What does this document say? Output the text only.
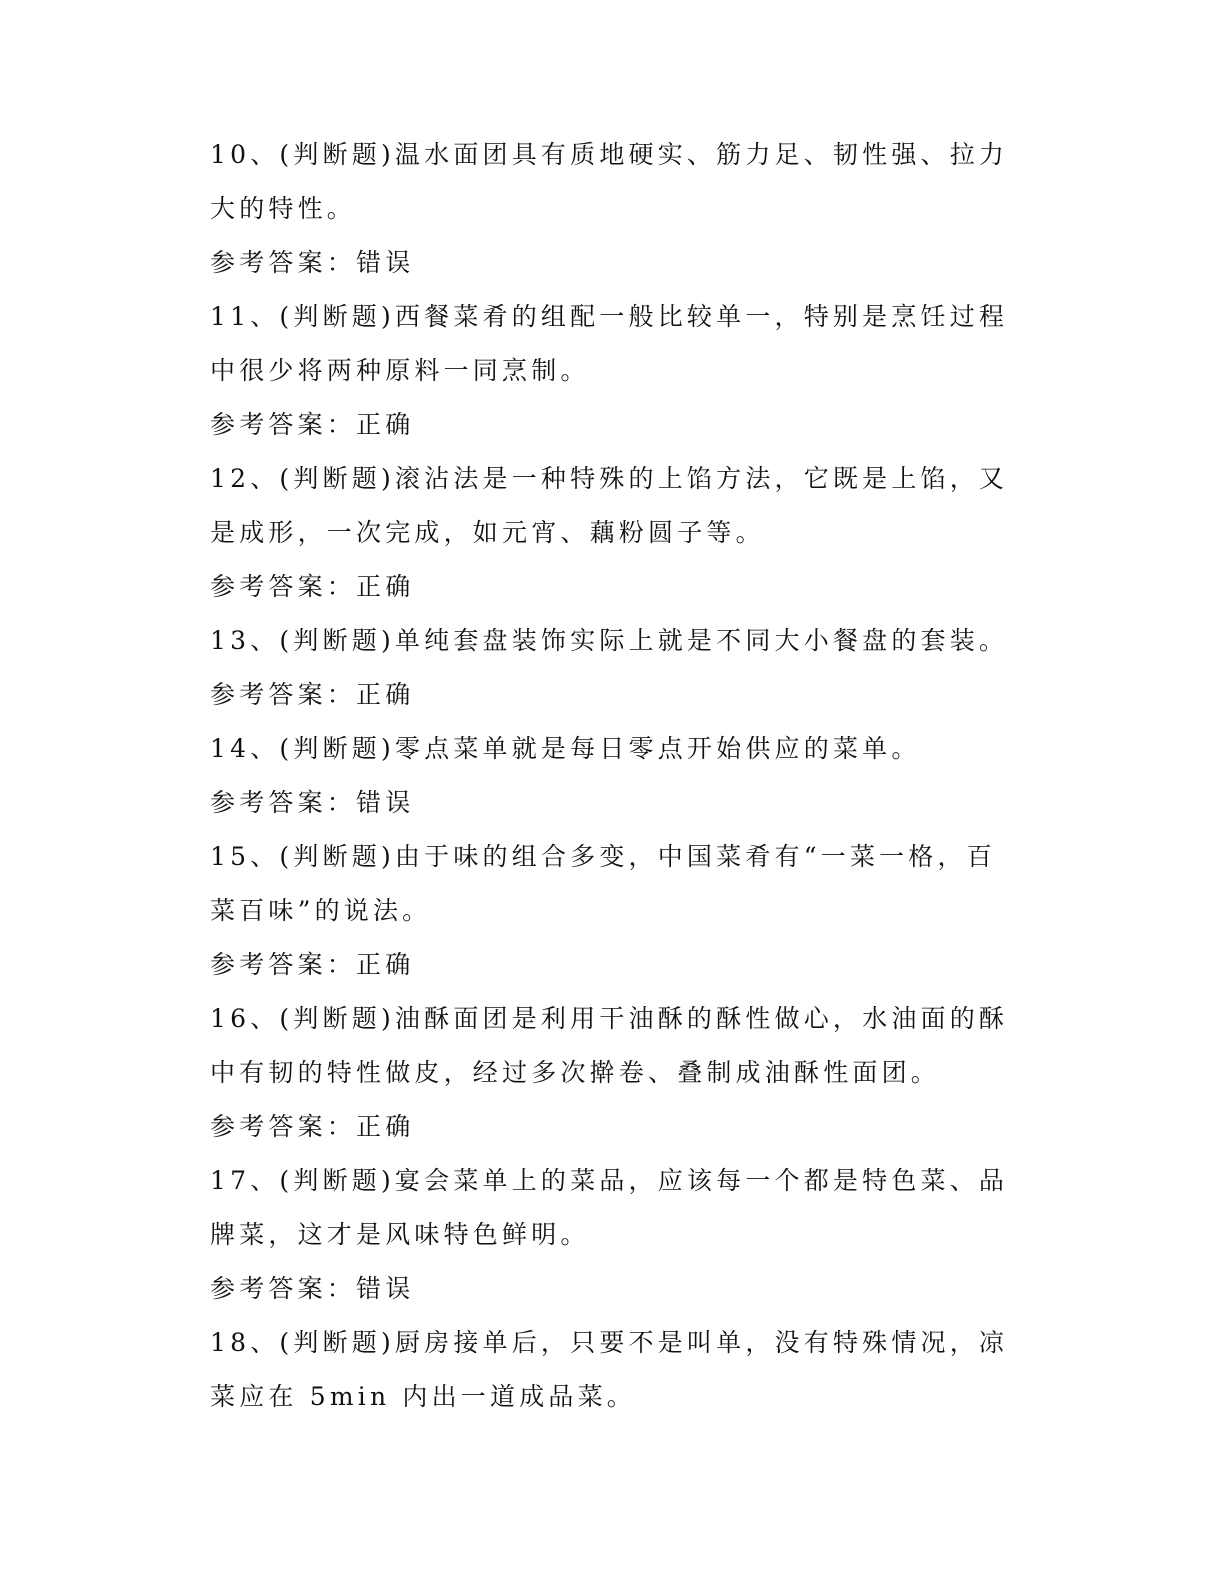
10、(判断题)温水面团具有质地硬实、筋力足、韧性强、拉力
大的特性。
参考答案：错误
11、(判断题)西餐菜肴的组配一般比较单一，特别是烹饪过程
中很少将两种原料一同烹制。
参考答案：正确
12、(判断题)滚沾法是一种特殊的上馅方法，它既是上馅，又
是成形，一次完成，如元宵、藕粉圆子等。
参考答案：正确
13、(判断题)单纯套盘装饰实际上就是不同大小餐盘的套装。
参考答案：正确
14、(判断题)零点菜单就是每日零点开始供应的菜单。
参考答案：错误
15、(判断题)由于味的组合多变，中国菜肴有“一菜一格，百
菜百味”的说法。
参考答案：正确
16、(判断题)油酥面团是利用干油酥的酥性做心，水油面的酥
中有韧的特性做皮，经过多次擀卷、叠制成油酥性面团。
参考答案：正确
17、(判断题)宴会菜单上的菜品，应该每一个都是特色菜、品
牌菜，这才是风味特色鲜明。
参考答案：错误
18、(判断题)厨房接单后，只要不是叫单，没有特殊情况，凉
菜应在 5min 内出一道成品菜。
